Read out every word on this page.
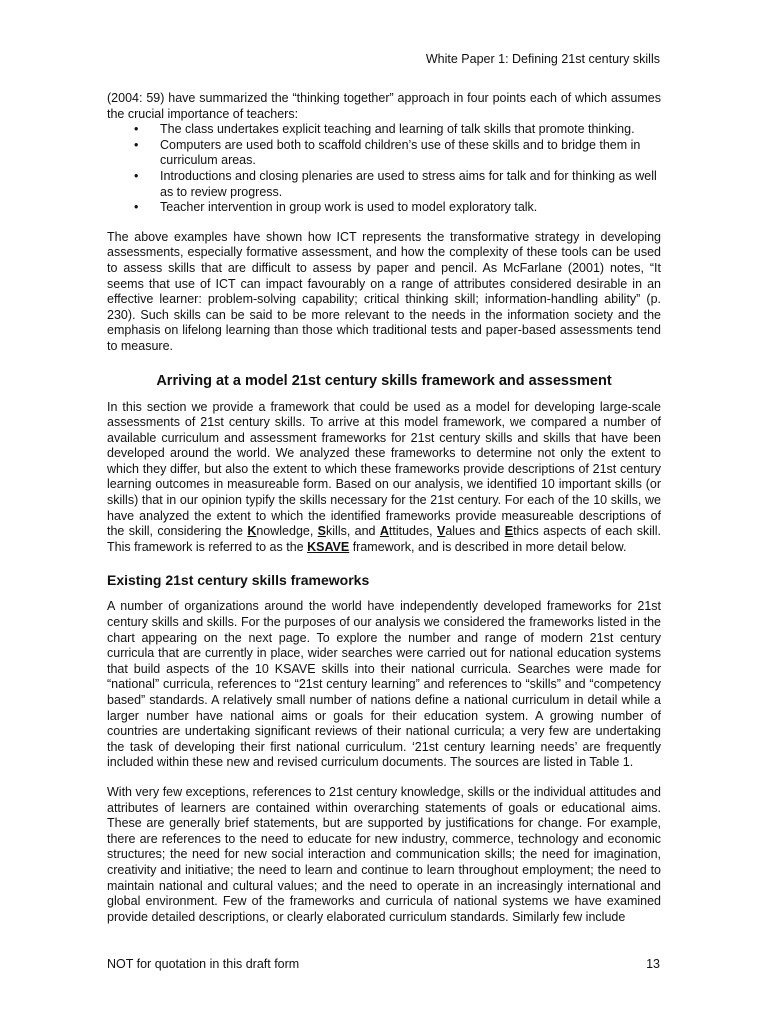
White Paper 1: Defining 21st century skills

(2004: 59) have summarized the “thinking together” approach in four points each of which assumes the crucial importance of teachers:

• The class undertakes explicit teaching and learning of talk skills that promote thinking.
• Computers are used both to scaffold children’s use of these skills and to bridge them in curriculum areas.
• Introductions and closing plenaries are used to stress aims for talk and for thinking as well as to review progress.
• Teacher intervention in group work is used to model exploratory talk.

The above examples have shown how ICT represents the transformative strategy in developing assessments, especially formative assessment, and how the complexity of these tools can be used to assess skills that are difficult to assess by paper and pencil. As McFarlane (2001) notes, “It seems that use of ICT can impact favourably on a range of attributes considered desirable in an effective learner: problem-solving capability; critical thinking skill; information-handling ability” (p. 230). Such skills can be said to be more relevant to the needs in the information society and the emphasis on lifelong learning than those which traditional tests and paper-based assessments tend to measure.

Arriving at a model 21st century skills framework and assessment

In this section we provide a framework that could be used as a model for developing large-scale assessments of 21st century skills. To arrive at this model framework, we compared a number of available curriculum and assessment frameworks for 21st century skills and skills that have been developed around the world. We analyzed these frameworks to determine not only the extent to which they differ, but also the extent to which these frameworks provide descriptions of 21st century learning outcomes in measureable form. Based on our analysis, we identified 10 important skills (or skills) that in our opinion typify the skills necessary for the 21st century. For each of the 10 skills, we have analyzed the extent to which the identified frameworks provide measureable descriptions of the skill, considering the Knowledge, Skills, and Attitudes, Values and Ethics aspects of each skill. This framework is referred to as the KSAVE framework, and is described in more detail below.

Existing 21st century skills frameworks

A number of organizations around the world have independently developed frameworks for 21st century skills and skills. For the purposes of our analysis we considered the frameworks listed in the chart appearing on the next page. To explore the number and range of modern 21st century curricula that are currently in place, wider searches were carried out for national education systems that build aspects of the 10 KSAVE skills into their national curricula. Searches were made for “national” curricula, references to “21st century learning” and references to “skills” and “competency based” standards. A relatively small number of nations define a national curriculum in detail while a larger number have national aims or goals for their education system. A growing number of countries are undertaking significant reviews of their national curricula; a very few are undertaking the task of developing their first national curriculum. ‘21st century learning needs’ are frequently included within these new and revised curriculum documents. The sources are listed in Table 1.

With very few exceptions, references to 21st century knowledge, skills or the individual attitudes and attributes of learners are contained within overarching statements of goals or educational aims. These are generally brief statements, but are supported by justifications for change. For example, there are references to the need to educate for new industry, commerce, technology and economic structures; the need for new social interaction and communication skills; the need for imagination, creativity and initiative; the need to learn and continue to learn throughout employment; the need to maintain national and cultural values; and the need to operate in an increasingly international and global environment. Few of the frameworks and curricula of national systems we have examined provide detailed descriptions, or clearly elaborated curriculum standards. Similarly few include

NOT for quotation in this draft form	13
